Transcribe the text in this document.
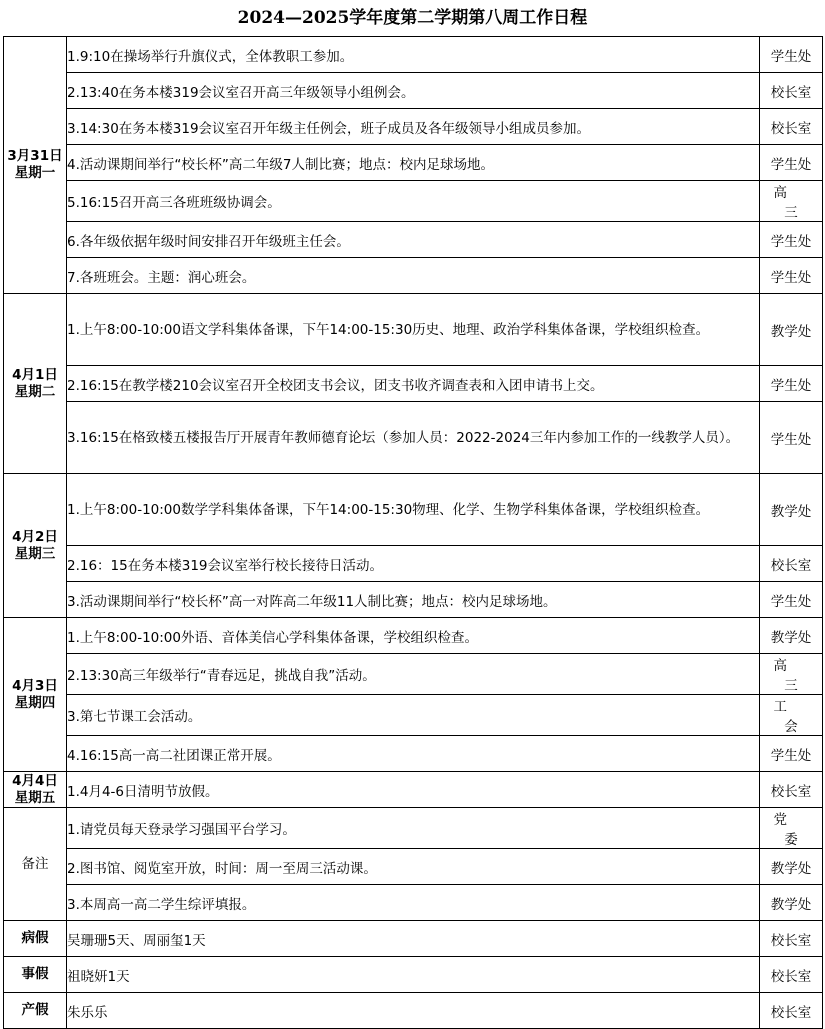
2024—2025学年度第二学期第八周工作日程
3月31日
星期一	1.9:10在操场举行升旗仪式，全体教职工参加。	学生处
	2.13:40在务本楼319会议室召开高三年级领导小组例会。	校长室
	3.14:30在务本楼319会议室召开年级主任例会，班子成员及各年级领导小组成员参加。	校长室
	4.活动课期间举行“校长杯”高二年级7人制比赛；地点：校内足球场地。	学生处
	5.16:15召开高三各班班级协调会。	高三
	6.各年级依据年级时间安排召开年级班主任会。	学生处
	7.各班班会。主题：润心班会。	学生处

4月1日
星期二	1.上午8:00-10:00语文学科集体备课，下午14:00-15:30历史、地理、政治学科集体备课，学校组织检查。	教学处
	2.16:15在教学楼210会议室召开全校团支书会议，团支书收齐调查表和入团申请书上交。	学生处
	3.16:15在格致楼五楼报告厅开展青年教师德育论坛（参加人员：2022-2024三年内参加工作的一线教学人员）。	学生处

4月2日
星期三	1.上午8:00-10:00数学学科集体备课，下午14:00-15:30物理、化学、生物学科集体备课，学校组织检查。	教学处
	2.16：15在务本楼319会议室举行校长接待日活动。	校长室
	3.活动课期间举行“校长杯”高一对阵高二年级11人制比赛；地点：校内足球场地。	学生处

4月3日
星期四	1.上午8:00-10:00外语、音体美信心学科集体备课，学校组织检查。	教学处
	2.13:30高三年级举行“青春远足，挑战自我”活动。	高三
	3.第七节课工会活动。	工会
	4.16:15高一高二社团课正常开展。	学生处

4月4日
星期五	1.4月4-6日清明节放假。	校长室
备注	1.请党员每天登录学习强国平台学习。	党委
	2.图书馆、阅览室开放，时间：周一至周三活动课。	教学处
	3.本周高一高二学生综评填报。	教学处
病假	吴珊珊5天、周丽玺1天	校长室
事假	祖晓妍1天	校长室
产假	朱乐乐	校长室
